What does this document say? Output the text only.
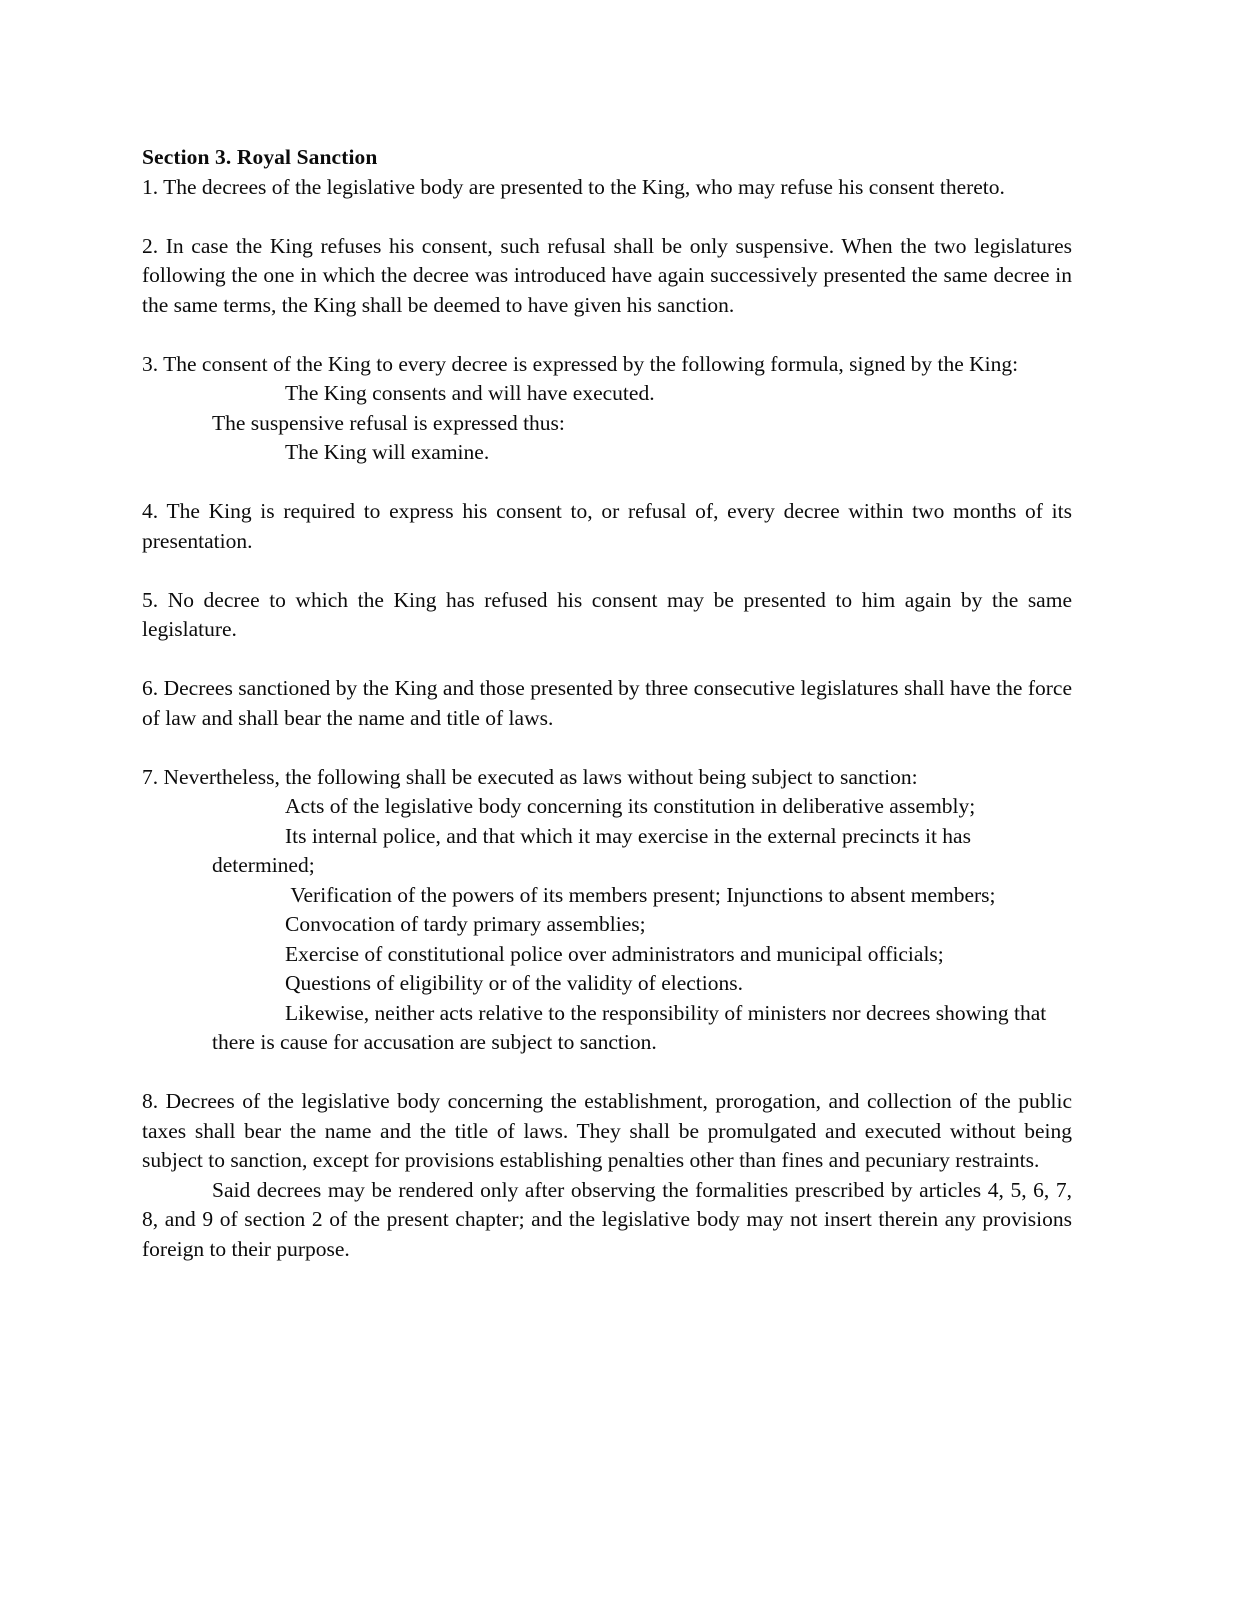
Section 3. Royal Sanction

1. The decrees of the legislative body are presented to the King, who may refuse his consent thereto.

2. In case the King refuses his consent, such refusal shall be only suspensive. When the two legislatures following the one in which the decree was introduced have again successively presented the same decree in the same terms, the King shall be deemed to have given his sanction.

3. The consent of the King to every decree is expressed by the following formula, signed by the King:

The King consents and will have executed.

The suspensive refusal is expressed thus:

The King will examine.

4. The King is required to express his consent to, or refusal of, every decree within two months of its presentation.

5. No decree to which the King has refused his consent may be presented to him again by the same legislature.

6. Decrees sanctioned by the King and those presented by three consecutive legislatures shall have the force of law and shall bear the name and title of laws.

7. Nevertheless, the following shall be executed as laws without being subject to sanction:

Acts of the legislative body concerning its constitution in deliberative assembly;

Its internal police, and that which it may exercise in the external precincts it has determined;

Verification of the powers of its members present; Injunctions to absent members;

Convocation of tardy primary assemblies;

Exercise of constitutional police over administrators and municipal officials;

Questions of eligibility or of the validity of elections.

Likewise, neither acts relative to the responsibility of ministers nor decrees showing that there is cause for accusation are subject to sanction.

8. Decrees of the legislative body concerning the establishment, prorogation, and collection of the public taxes shall bear the name and the title of laws. They shall be promulgated and executed without being subject to sanction, except for provisions establishing penalties other than fines and pecuniary restraints.

Said decrees may be rendered only after observing the formalities prescribed by articles 4, 5, 6, 7, 8, and 9 of section 2 of the present chapter; and the legislative body may not insert therein any provisions foreign to their purpose.
